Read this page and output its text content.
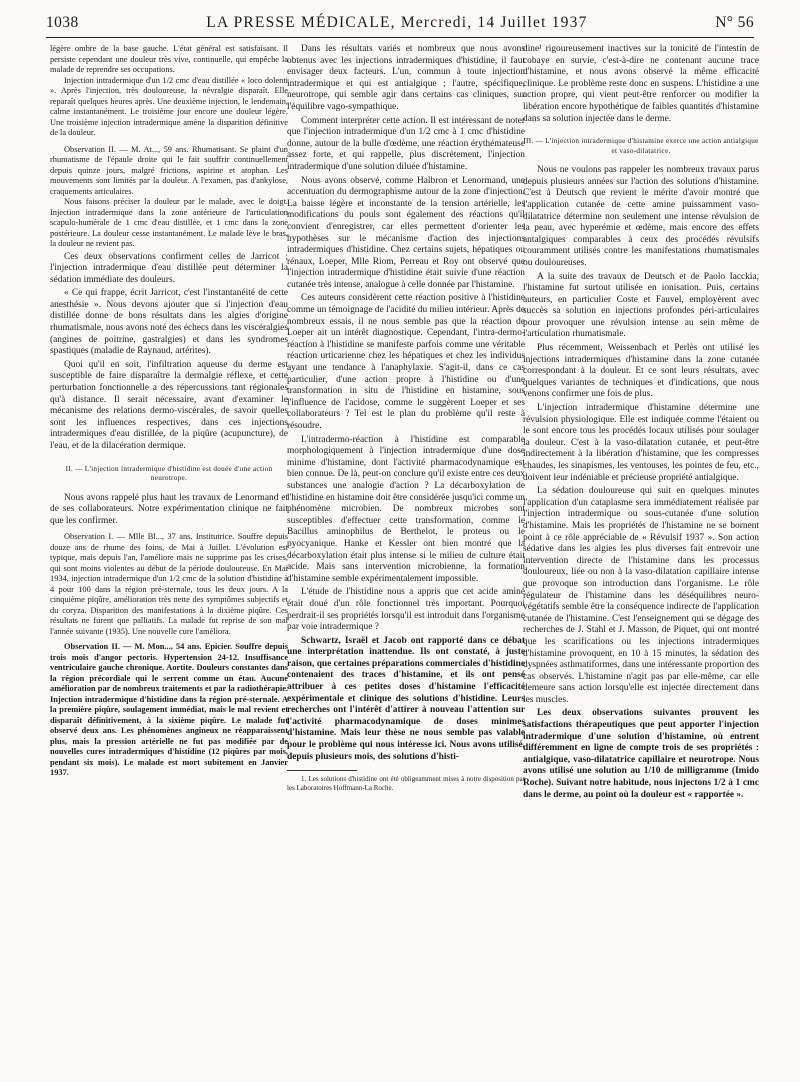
1038	LA PRESSE MÉDICALE, Mercredi, 14 Juillet 1937	N° 56

légère ombre de la base gauche. L'état général est satisfaisant. Il persiste cependant une douleur très vive, continuelle, qui empêche la malade de reprendre ses occupations.

Injection intradermique d'un 1/2 cmc d'eau distillée « loco dolenti ». Après l'injection, très douloureuse, la névralgie disparaît. Elle reparaît quelques heures après. Une deuxième injection, le lendemain, calme instantanément. Le troisième jour encore une douleur légère. Une troisième injection intradermique amène la disparition définitive de la douleur.

Observation II. — M. At..., 59 ans. Rhumatisant. Se plaint d'un rhumatisme de l'épaule droite qui le fait souffrir continuellement depuis quinze jours, malgré frictions, aspirine et atophan. Les mouvements sont limités par la douleur. A l'examen, pas d'ankylose, craquements articulaires.

Nous faisons préciser la douleur par le malade, avec le doigt. Injection intradermique dans la zone antérieure de l'articulation scapulo-humérale de 1 cmc d'eau distillée, et 1 cmc dans la zone postérieure. La douleur cesse instantanément. Le malade lève le bras, la douleur ne revient pas.

Ces deux observations confirment celles de Jarricot ; l'injection intradermique d'eau distillée peut déterminer la sédation immédiate des douleurs.

« Ce qui frappe, écrit Jarricot, c'est l'instantanéité de cette anesthésie ». Nous devons ajouter que si l'injection d'eau distillée donne de bons résultats dans les algies d'origine rhumatismale, nous avons noté des échecs dans les viscéralgies (angines de poitrine, gastralgies) et dans les syndromes spastiques (maladie de Raynaud, artérites).

Quoi qu'il en soit, l'infiltration aqueuse du derme est susceptible de faire disparaître la dermalgie réflexe, et cette perturbation fonctionnelle a des répercussions tant régionales qu'à distance. Il serait nécessaire, avant d'examiner le mécanisme des relations dermo-viscérales, de savoir quelles sont les influences respectives, dans ces injections intradermiques d'eau distillée, de la piqûre (acupuncture), de l'eau, et de la dilacération dermique.

II. — L'injection intradermique d'histidine est douée d'une action neurotrope.

Nous avons rappelé plus haut les travaux de Lenormand et de ses collaborateurs. Notre expérimentation clinique ne fait que les confirmer.

Observation I. — Mlle Bl..., 37 ans. Institutrice. Souffre depuis douze ans de rhume des foins, de Mai à Juillet. L'évolution est typique, mais depuis l'an, l'améliore mais ne supprime pas les crises, qui sont moins violentes au début de la période douloureuse. En Mai 1934, injection intradermique d'un 1/2 cmc de la solution d'histidine à 4 pour 100 dans la région pré-sternale, tous les deux jours. A la cinquième piqûre, amélioration très nette des symptômes subjectifs et du coryza. Disparition des manifestations à la dixième piqûre. Ces résultats ne furent que palliatifs. La malade fut reprise de son mal l'année suivante (1935). Une nouvelle cure l'améliora.

Observation II. — M. Mon..., 54 ans. Epicier. Souffre depuis trois mois d'angor pectoris. Hypertension 24-12. Insuffisance ventriculaire gauche chronique. Aortite. Douleurs constantes dans la région précordiale qui le serrent comme un étau. Aucune amélioration par de nombreux traitements et par la radiothérapie. Injection intradermique d'histidine dans la région pré-sternale. A la première piqûre, soulagement immédiat, mais le mal revient et disparaît définitivement, à la sixième piqûre. Le malade fut observé deux ans. Les phénomènes angineux ne réapparaissent plus, mais la pression artérielle ne fut pas modifiée par de nouvelles cures intradermiques d'histidine (12 piqûres par mois, pendant six mois). Le malade est mort subitement en Janvier 1937.

Dans les résultats variés et nombreux que nous avons obtenus avec les injections intradermiques d'histidine, il faut envisager deux facteurs. L'un, commun à toute injection intradermique et qui est antialgique ; l'autre, spécifique, neurotrope, qui semble agir dans certains cas cliniques, sur l'équilibre vago-sympathique.

Comment interpréter cette action. Il est intéressant de noter que l'injection intradermique d'un 1/2 cmc à 1 cmc d'histidine donne, autour de la bulle d'œdème, une réaction érythémateuse assez forte, et qui rappelle, plus discrètement, l'injection intradermique d'une solution diluée d'histamine.

Nous avons observé, comme Halbron et Lenormand, une accentuation du dermographisme autour de la zone d'injection. La baisse légère et inconstante de la tension artérielle, les modifications du pouls sont également des réactions qu'il convient d'enregistrer, car elles permettent d'orienter les hypothèses sur le mécanisme d'action des injections intradermiques d'histidine. Chez certains sujets, hépatiques ou rénaux, Loeper, Mlle Riom, Perreau et Roy ont observé que l'injection intradermique d'histidine était suivie d'une réaction cutanée très intense, analogue à celle donnée par l'histamine.

Ces auteurs considèrent cette réaction positive à l'histidine comme un témoignage de l'acidité du milieu intérieur. Après de nombreux essais, il ne nous semble pas que la réaction de Loeper ait un intérêt diagnostique. Cependant, l'intra-dermo-réaction à l'histidine se manifeste parfois comme une véritable réaction urticarienne chez les hépatiques et chez les individus ayant une tendance à l'anaphylaxie. S'agit-il, dans ce cas particulier, d'une action propre à l'histidine ou d'une transformation in situ de l'histidine en histamine, sous l'influence de l'acidose, comme le suggèrent Loeper et ses collaborateurs ? Tel est le plan du problème qu'il reste à résoudre.

L'intradermo-réaction à l'histidine est comparable morphologiquement à l'injection intradermique d'une dose minime d'histamine, dont l'activité pharmacodynamique est bien connue. De là, peut-on conclure qu'il existe entre ces deux substances une analogie d'action ? La décarboxylation de l'histidine en histamine doit être considérée jusqu'ici comme un phénomène microbien. De nombreux microbes sont susceptibles d'effectuer cette transformation, comme le Bacillus aminophilus de Berthelot, le proteus ou le pyocyanique. Hanke et Kessler ont bien montré que la décarboxylation était plus intense si le milieu de culture était acide. Mais sans intervention microbienne, la formation d'histamine semble expérimentalement impossible.

L'étude de l'histidine nous a appris que cet acide aminé était doué d'un rôle fonctionnel très important. Pourquoi perdrait-il ses propriétés lorsqu'il est introduit dans l'organisme par voie intradermique ?

Schwartz, Israël et Jacob ont rapporté dans ce débat une interprétation inattendue. Ils ont constaté, à juste raison, que certaines préparations commerciales d'histidine contenaient des traces d'histamine, et ils ont pensé attribuer à ces petites doses d'histamine l'efficacité expérimentale et clinique des solutions d'histidine. Leurs recherches ont l'intérêt d'attirer à nouveau l'attention sur l'activité pharmacodynamique de doses minimes d'histamine. Mais leur thèse ne nous semble pas valable pour le problème qui nous intéresse ici. Nous avons utilisé, depuis plusieurs mois, des solutions d'histi-

1. Les solutions d'histidine ont été obligeamment mises à notre disposition par les Laboratoires Hoffmann-La Roche.

dine¹ rigoureusement inactives sur la tonicité de l'intestin de cobaye en survie, c'est-à-dire ne contenant aucune trace d'histamine, et nous avons observé la même efficacité clinique. Le problème reste donc en suspens. L'histidine a une action propre, qui vient peut-être renforcer ou modifier la libération encore hypothétique de faibles quantités d'histamine dans sa solution injectée dans le derme.

III. — L'injection intradermique d'histamine exerce une action antialgique et vaso-dilatatrice.

Nous ne voulons pas rappeler les nombreux travaux parus depuis plusieurs années sur l'action des solutions d'histamine. C'est à Deutsch que revient le mérite d'avoir montré que l'application cutanée de cette amine puissamment vaso-dilatatrice détermine non seulement une intense révulsion de la peau, avec hyperémie et œdème, mais encore des effets antalgiques comparables à ceux des procédés révulsifs couramment utilisés contre les manifestations rhumatismales ou douloureuses.

A la suite des travaux de Deutsch et de Paolo Iacckia, l'histamine fut surtout utilisée en ionisation. Puis, certains auteurs, en particulier Coste et Fauvel, employèrent avec succès sa solution en injections profondes péri-articulaires pour provoquer une révulsion intense au sein même de l'articulation rhumatismale.

Plus récemment, Weissenbach et Perlès ont utilisé les injections intradermiques d'histamine dans la zone cutanée correspondant à la douleur. Et ce sont leurs résultats, avec quelques variantes de techniques et d'indications, que nous venons confirmer une fois de plus.

L'injection intradermique d'histamine détermine une révulsion physiologique. Elle est indiquée comme l'étaient ou le sont encore tous les procédés locaux utilisés pour soulager la douleur. C'est à la vaso-dilatation cutanée, et peut-être indirectement à la libération d'histamine, que les compresses chaudes, les sinapismes, les ventouses, les pointes de feu, etc., doivent leur indéniable et précieuse propriété antialgique.

La sédation douloureuse qui suit en quelques minutes l'application d'un cataplasme sera immédiatement réalisée par l'injection intradermique ou sous-cutanée d'une solution d'histamine. Mais les propriétés de l'histamine ne se bornent point à ce rôle appréciable de « Révulsif 1937 ». Son action sédative dans les algies les plus diverses fait entrevoir une intervention directe de l'histamine dans les processus douloureux, liée ou non à la vaso-dilatation capillaire intense que provoque son introduction dans l'organisme. Le rôle régulateur de l'histamine dans les déséquilibres neuro-végétatifs semble être la conséquence indirecte de l'application cutanée de l'histamine. C'est l'enseignement qui se dégage des recherches de J. Stahl et J. Masson, de Piquet, qui ont montré que les scarifications ou les injections intradermiques d'histamine provoquent, en 10 à 15 minutes, la sédation des dyspnées asthmatiformes, dans une intéressante proportion des cas observés. L'histamine n'agit pas par elle-même, car elle demeure sans action lorsqu'elle est injectée directement dans les muscles.

Les deux observations suivantes prouvent les satisfactions thérapeutiques que peut apporter l'injection intradermique d'une solution d'histamine, où entrent différemment en ligne de compte trois de ses propriétés : antialgique, vaso-dilatatrice capillaire et neurotrope. Nous avons utilisé une solution au 1/10 de milligramme (Imido Roche). Suivant notre habitude, nous injectons 1/2 à 1 cmc dans le derme, au point où la douleur est « rapportée ».
